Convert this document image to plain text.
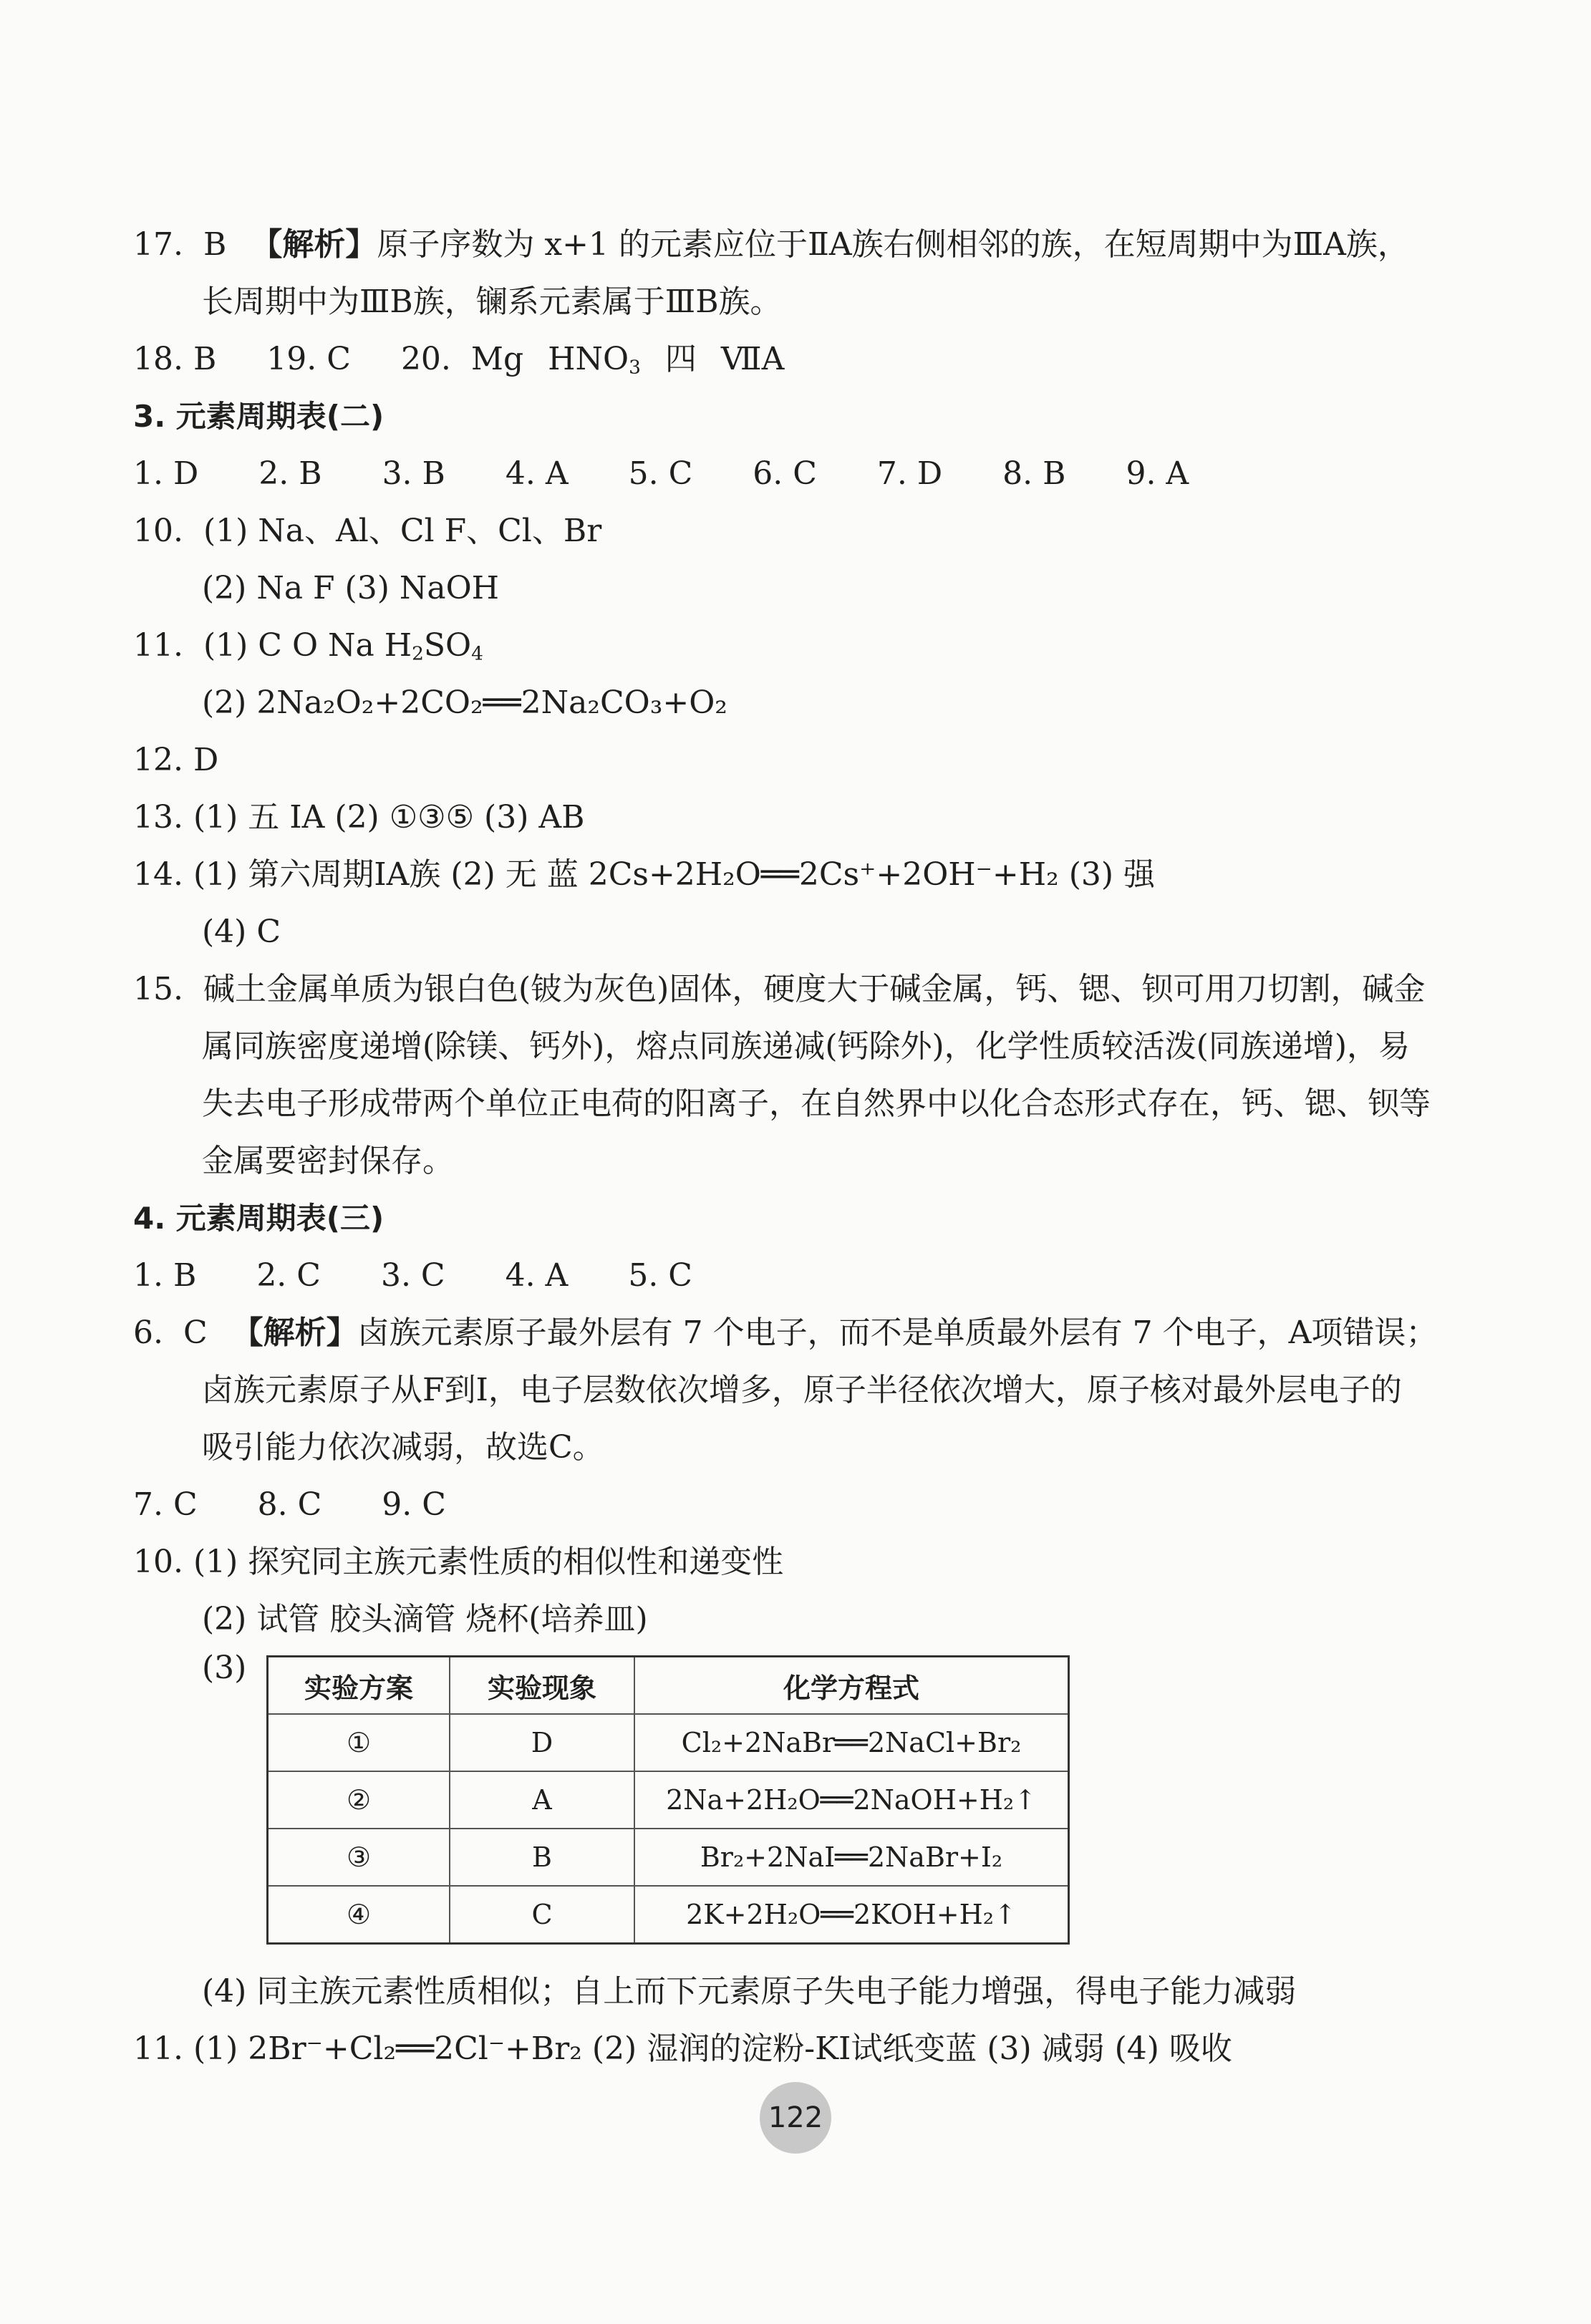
17. B 【解析】原子序数为 x+1 的元素应位于ⅡA族右侧相邻的族，在短周期中为ⅢA族，
长周期中为ⅢB族，镧系元素属于ⅢB族。
18. B 19. C 20. Mg $HNO_3$ 四 ⅦA
3. 元素周期表(二)
1. D 2. B 3. B 4. A 5. C 6. C 7. D 8. B 9. A
10. (1) Na、Al、Cl F、Cl、Br
(2) Na F (3) NaOH
11. (1) C O Na $H_2SO_4$
(2) 2Na₂O₂+2CO₂══2Na₂CO₃+O₂
12. D
13. (1) 五 ⅠA (2) ①③⑤ (3) AB
14. (1) 第六周期ⅠA族 (2) 无 蓝 2Cs+2H₂O══2Cs⁺+2OH⁻+H₂ (3) 强
(4) C
15. 碱土金属单质为银白色(铍为灰色)固体，硬度大于碱金属，钙、锶、钡可用刀切割，碱金
属同族密度递增(除镁、钙外)，熔点同族递减(钙除外)，化学性质较活泼(同族递增)，易
失去电子形成带两个单位正电荷的阳离子，在自然界中以化合态形式存在，钙、锶、钡等
金属要密封保存。
4. 元素周期表(三)
1. B 2. C 3. C 4. A 5. C
6. C 【解析】卤族元素原子最外层有 7 个电子，而不是单质最外层有 7 个电子，A项错误；
卤族元素原子从F到I，电子层数依次增多，原子半径依次增大，原子核对最外层电子的
吸引能力依次减弱，故选C。
7. C 8. C 9. C
10. (1) 探究同主族元素性质的相似性和递变性
(2) 试管 胶头滴管 烧杯(培养皿)
(3)
实验方案	实验现象	化学方程式
①	D	Cl₂+2NaBr══2NaCl+Br₂
②	A	2Na+2H₂O══2NaOH+H₂↑
③	B	Br₂+2NaI══2NaBr+I₂
④	C	2K+2H₂O══2KOH+H₂↑
(4) 同主族元素性质相似；自上而下元素原子失电子能力增强，得电子能力减弱
11. (1) 2Br⁻+Cl₂══2Cl⁻+Br₂ (2) 湿润的淀粉-KI试纸变蓝 (3) 减弱 (4) 吸收
122
